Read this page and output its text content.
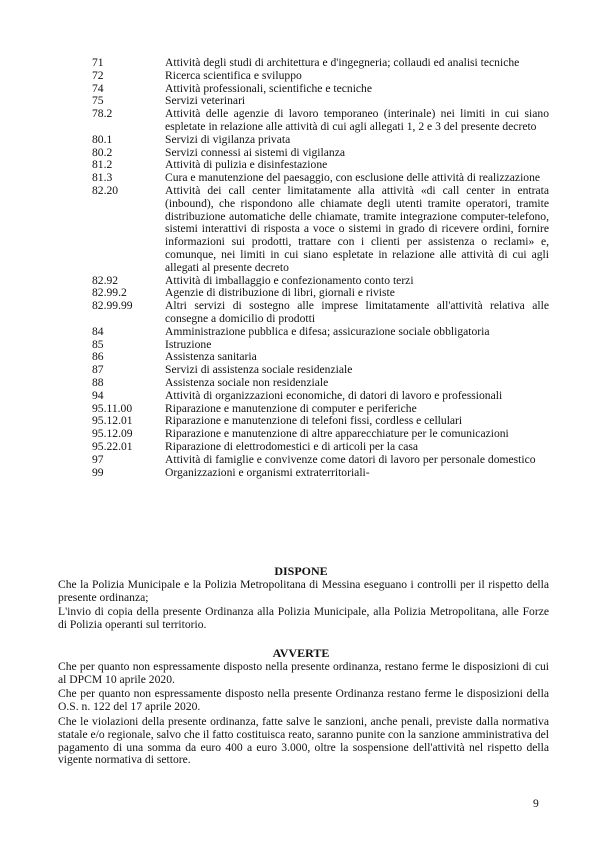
71	Attività degli studi di architettura e d'ingegneria; collaudi ed analisi tecniche
72	Ricerca scientifica e sviluppo
74	Attività professionali, scientifiche e tecniche
75	Servizi veterinari
78.2	Attività delle agenzie di lavoro temporaneo (interinale) nei limiti in cui siano espletate in relazione alle attività di cui agli allegati 1, 2 e 3 del presente decreto
80.1	Servizi di vigilanza privata
80.2	Servizi connessi ai sistemi di vigilanza
81.2	Attività di pulizia e disinfestazione
81.3	Cura e manutenzione del paesaggio, con esclusione delle attività di realizzazione
82.20	Attività dei call center limitatamente alla attività «di call center in entrata (inbound), che rispondono alle chiamate degli utenti tramite operatori, tramite distribuzione automatiche delle chiamate, tramite integrazione computer-telefono, sistemi interattivi di risposta a voce o sistemi in grado di ricevere ordini, fornire informazioni sui prodotti, trattare con i clienti per assistenza o reclami» e, comunque, nei limiti in cui siano espletate in relazione alle attività di cui agli allegati al presente decreto
82.92	Attività di imballaggio e confezionamento conto terzi
82.99.2	Agenzie di distribuzione di libri, giornali e riviste
82.99.99	Altri servizi di sostegno alle imprese limitatamente all'attività relativa alle consegne a domicilio di prodotti
84	Amministrazione pubblica e difesa; assicurazione sociale obbligatoria
85	Istruzione
86	Assistenza sanitaria
87	Servizi di assistenza sociale residenziale
88	Assistenza sociale non residenziale
94	Attività di organizzazioni economiche, di datori di lavoro e professionali
95.11.00	Riparazione e manutenzione di computer e periferiche
95.12.01	Riparazione e manutenzione di telefoni fissi, cordless e cellulari
95.12.09	Riparazione e manutenzione di altre apparecchiature per le comunicazioni
95.22.01	Riparazione di elettrodomestici e di articoli per la casa
97	Attività di famiglie e convivenze come datori di lavoro per personale domestico
99	Organizzazioni e organismi extraterritoriali-
DISPONE
Che la Polizia Municipale e la Polizia Metropolitana di Messina eseguano i controlli per il rispetto della presente ordinanza;
L'invio di copia della presente Ordinanza alla Polizia Municipale, alla Polizia Metropolitana, alle Forze di Polizia operanti sul territorio.
AVVERTE
Che per quanto non espressamente disposto nella presente ordinanza, restano ferme le disposizioni di cui al DPCM 10 aprile 2020.
Che per quanto non espressamente disposto nella presente Ordinanza restano ferme le disposizioni della O.S. n. 122 del 17 aprile 2020.
Che le violazioni della presente ordinanza, fatte salve le sanzioni, anche penali, previste dalla normativa statale e/o regionale, salvo che il fatto costituisca reato, saranno punite con la sanzione amministrativa del pagamento di una somma da euro 400 a euro 3.000, oltre la sospensione dell'attività nel rispetto della vigente normativa di settore.
9
